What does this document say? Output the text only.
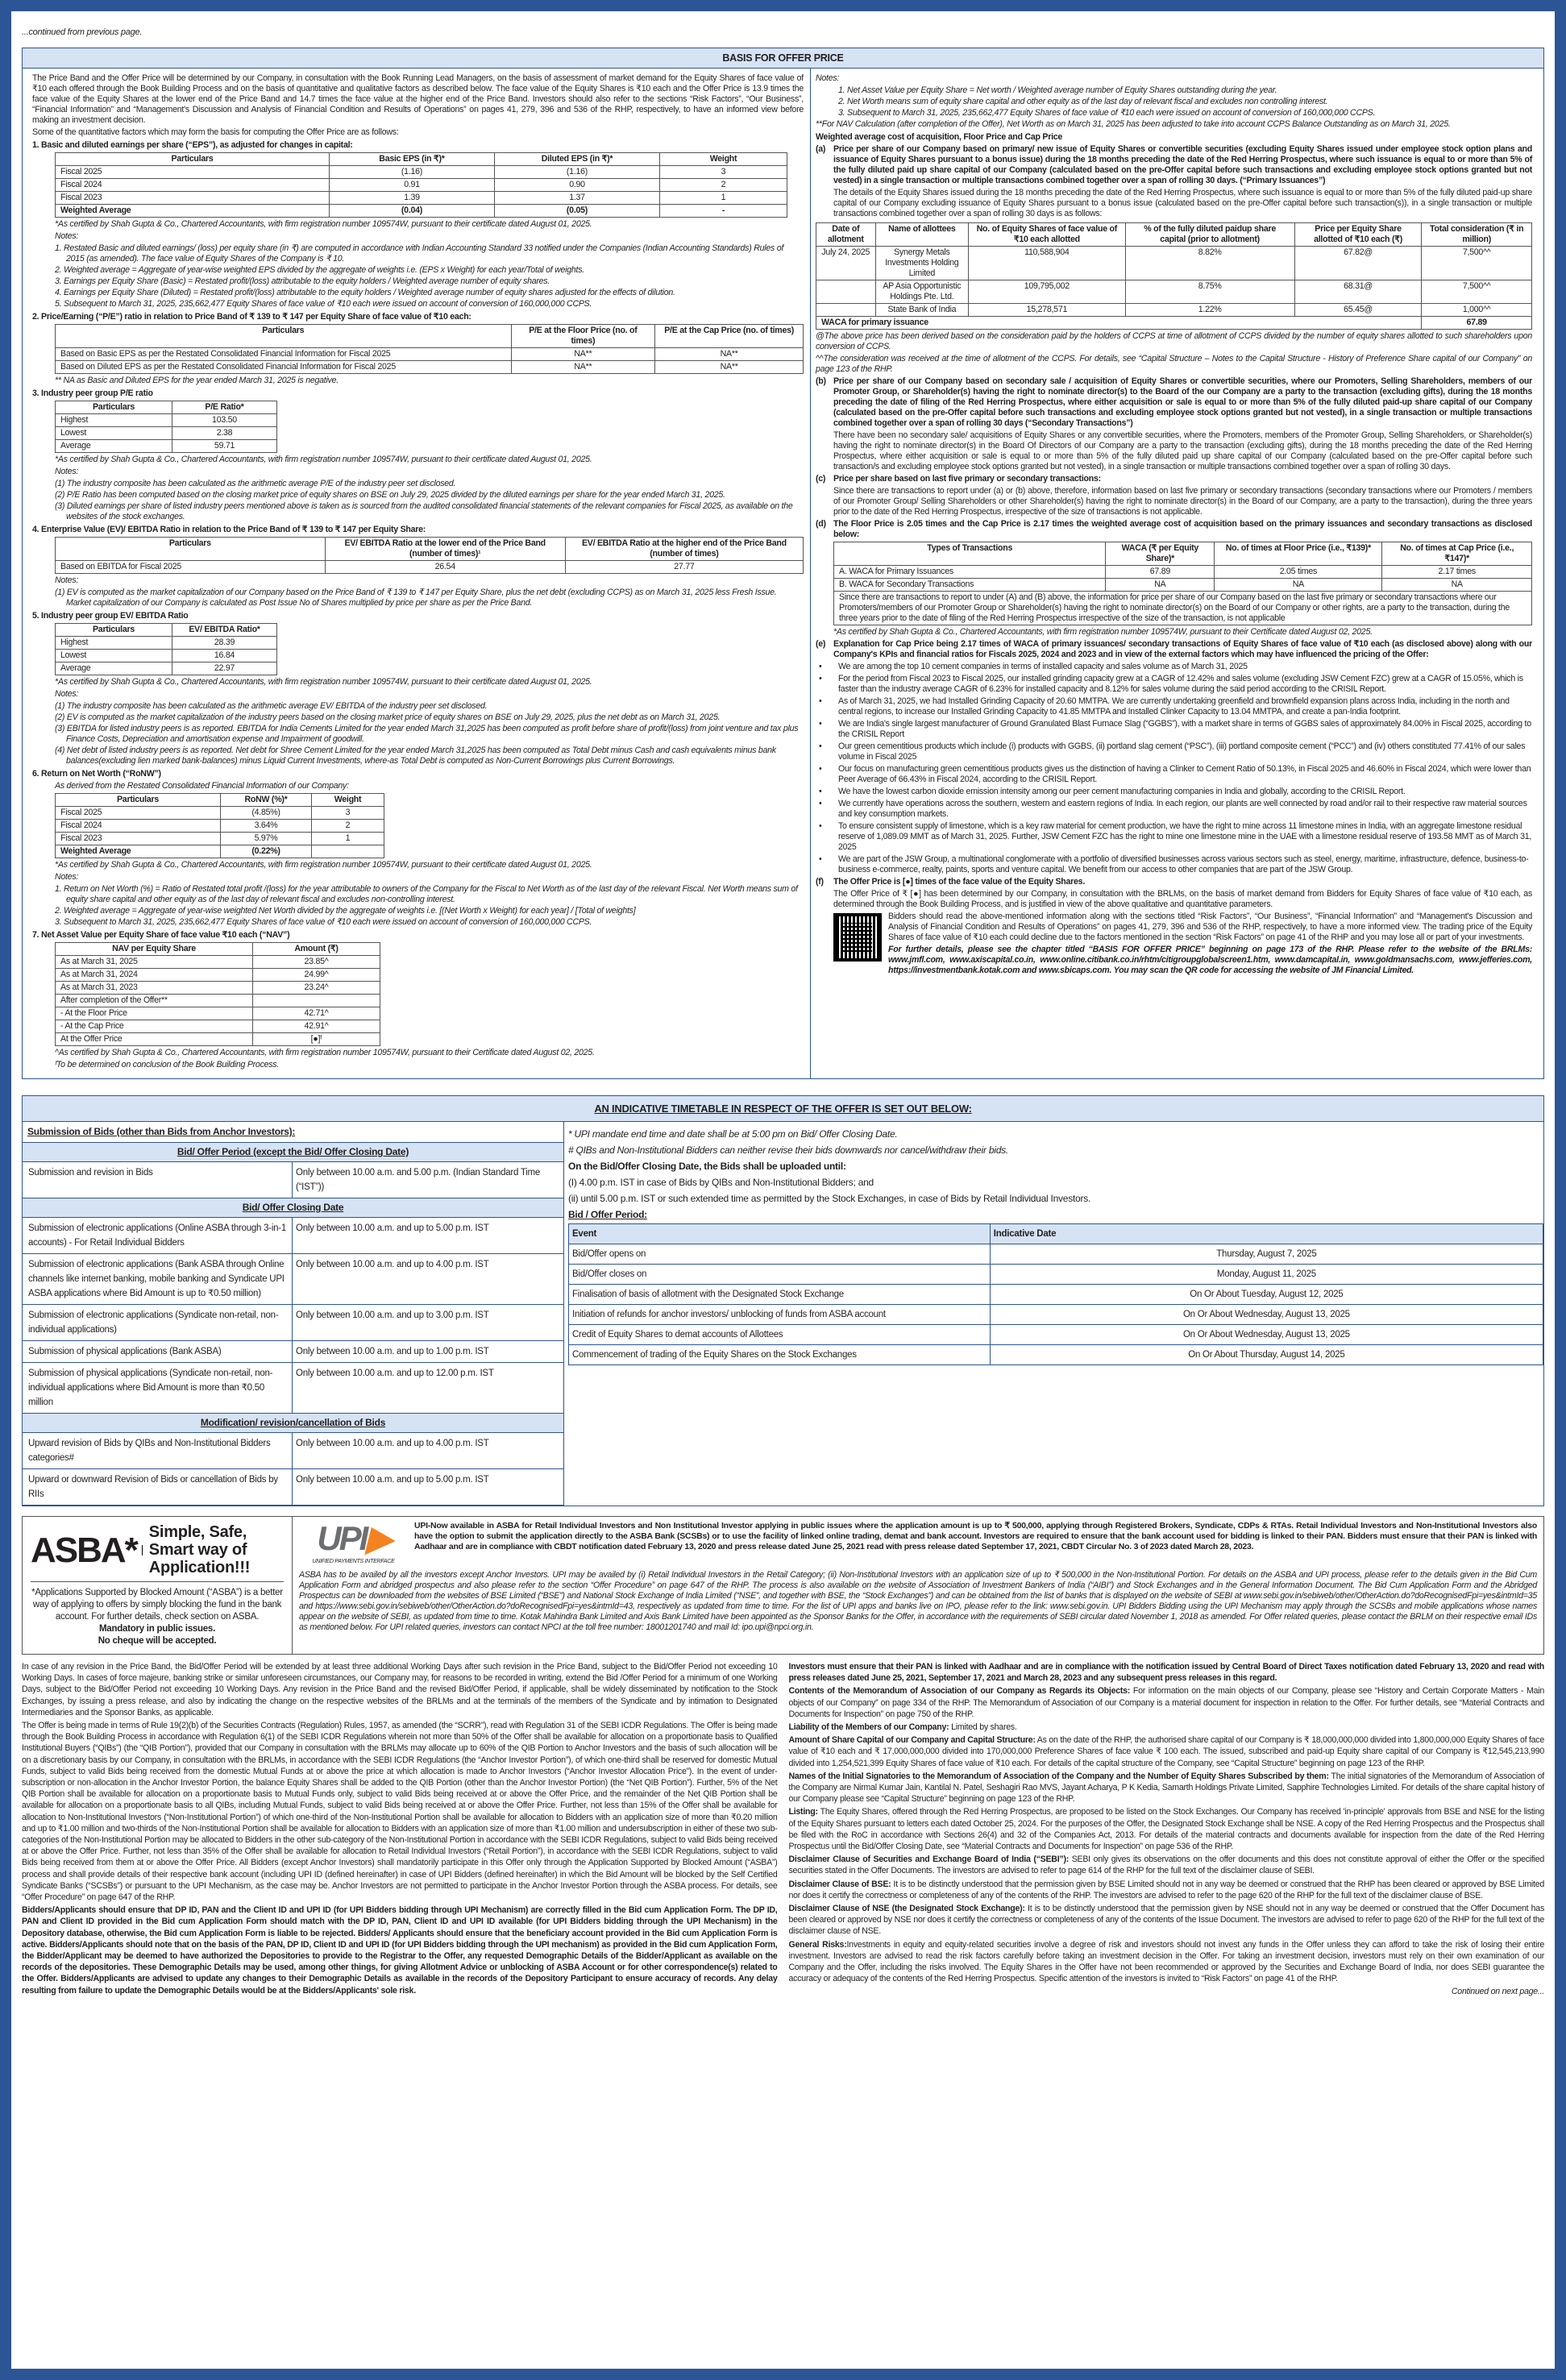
...continued from previous page.
BASIS FOR OFFER PRICE

The Price Band and the Offer Price will be determined by our Company, in consultation with the Book Running Lead Managers, on the basis of assessment of market demand for the Equity Shares of face value of ₹10 each offered through the Book Building Process and on the basis of quantitative and qualitative factors as described below. The face value of the Equity Shares is ₹10 each and the Offer Price is 13.9 times the face value of the Equity Shares at the lower end of the Price Band and 14.7 times the face value at the higher end of the Price Band. Investors should also refer to the sections “Risk Factors”, “Our Business”, “Financial Information” and “Management's Discussion and Analysis of Financial Condition and Results of Operations” on pages 41, 279, 396 and 536 of the RHP, respectively, to have an informed view before making an investment decision.

Some of the quantitative factors which may form the basis for computing the Offer Price are as follows:

1. Basic and diluted earnings per share (“EPS”), as adjusted for changes in capital:
Particulars	Basic EPS (in ₹)*	Diluted EPS (in ₹)*	Weight
Fiscal 2025	(1.16)	(1.16)	3
Fiscal 2024	0.91	0.90	2
Fiscal 2023	1.39	1.37	1
Weighted Average	(0.04)	(0.05)	-

*As certified by Shah Gupta & Co., Chartered Accountants, with firm registration number 109574W, pursuant to their certificate dated August 01, 2025.

Notes:

1. Restated Basic and diluted earnings/ (loss) per equity share (in ₹) are computed in accordance with Indian Accounting Standard 33 notified under the Companies (Indian Accounting Standards) Rules of 2015 (as amended). The face value of Equity Shares of the Company is ₹ 10.
2. Weighted average = Aggregate of year-wise weighted EPS divided by the aggregate of weights i.e. (EPS x Weight) for each year/Total of weights.
3. Earnings per Equity Share (Basic) = Restated profit/(loss) attributable to the equity holders / Weighted average number of equity shares.
4. Earnings per Equity Share (Diluted) = Restated profit/(loss) attributable to the equity holders / Weighted average number of equity shares adjusted for the effects of dilution.
5. Subsequent to March 31, 2025, 235,662,477 Equity Shares of face value of ₹10 each were issued on account of conversion of 160,000,000 CCPS.
2. Price/Earning (“P/E”) ratio in relation to Price Band of ₹ 139 to ₹ 147 per Equity Share of face value of ₹10 each:
Particulars	P/E at the Floor Price (no. of times)	P/E at the Cap Price (no. of times)
Based on Basic EPS as per the Restated Consolidated Financial Information for Fiscal 2025	NA**	NA**
Based on Diluted EPS as per the Restated Consolidated Financial Information for Fiscal 2025	NA**	NA**

** NA as Basic and Diluted EPS for the year ended March 31, 2025 is negative.

3. Industry peer group P/E ratio
Particulars	P/E Ratio*
Highest	103.50
Lowest	2.38
Average	59.71

*As certified by Shah Gupta & Co., Chartered Accountants, with firm registration number 109574W, pursuant to their certificate dated August 01, 2025.

Notes:

(1) The industry composite has been calculated as the arithmetic average P/E of the industry peer set disclosed.
(2) P/E Ratio has been computed based on the closing market price of equity shares on BSE on July 29, 2025 divided by the diluted earnings per share for the year ended March 31, 2025.
(3) Diluted earnings per share of listed industry peers mentioned above is taken as is sourced from the audited consolidated financial statements of the relevant companies for Fiscal 2025, as available on the websites of the stock exchanges.
4. Enterprise Value (EV)/ EBITDA Ratio in relation to the Price Band of ₹ 139 to ₹ 147 per Equity Share:
Particulars	EV/ EBITDA Ratio at the lower end of the Price Band (number of times)¹	EV/ EBITDA Ratio at the higher end of the Price Band (number of times)
Based on EBITDA for Fiscal 2025	26.54	27.77

Notes:

(1) EV is computed as the market capitalization of our Company based on the Price Band of ₹ 139 to ₹ 147 per Equity Share, plus the net debt (excluding CCPS) as on March 31, 2025 less Fresh Issue. Market capitalization of our Company is calculated as Post Issue No of Shares multiplied by price per share as per the Price Band.
5. Industry peer group EV/ EBITDA Ratio
Particulars	EV/ EBITDA Ratio*
Highest	28.39
Lowest	16.84
Average	22.97

*As certified by Shah Gupta & Co., Chartered Accountants, with firm registration number 109574W, pursuant to their certificate dated August 01, 2025.

Notes:

(1) The industry composite has been calculated as the arithmetic average EV/ EBITDA of the industry peer set disclosed.
(2) EV is computed as the market capitalization of the industry peers based on the closing market price of equity shares on BSE on July 29, 2025, plus the net debt as on March 31, 2025.
(3) EBITDA for listed industry peers is as reported. EBITDA for India Cements Limited for the year ended March 31,2025 has been computed as profit before share of profit/(loss) from joint venture and tax plus Finance Costs, Depreciation and amortisation expense and Impairment of goodwill.
(4) Net debt of listed industry peers is as reported. Net debt for Shree Cement Limited for the year ended March 31,2025 has been computed as Total Debt minus Cash and cash equivalents minus bank balances(excluding lien marked bank-balances) minus Liquid Current Investments, where-as Total Debt is computed as Non-Current Borrowings plus Current Borrowings.
6. Return on Net Worth (“RoNW”)

As derived from the Restated Consolidated Financial Information of our Company:

Particulars	RoNW (%)*	Weight
Fiscal 2025	(4.85%)	3
Fiscal 2024	3.64%	2
Fiscal 2023	5.97%	1
Weighted Average	(0.22%)	

*As certified by Shah Gupta & Co., Chartered Accountants, with firm registration number 109574W, pursuant to their certificate dated August 01, 2025.

Notes:

1. Return on Net Worth (%) = Ratio of Restated total profit /(loss) for the year attributable to owners of the Company for the Fiscal to Net Worth as of the last day of the relevant Fiscal. Net Worth means sum of equity share capital and other equity as of the last day of relevant fiscal and excludes non-controlling interest.
2. Weighted average = Aggregate of year-wise weighted Net Worth divided by the aggregate of weights i.e. [(Net Worth x Weight) for each year] / [Total of weights]
3. Subsequent to March 31, 2025, 235,662,477 Equity Shares of face value of ₹10 each were issued on account of conversion of 160,000,000 CCPS.
7. Net Asset Value per Equity Share of face value ₹10 each (“NAV”)
NAV per Equity Share	Amount (₹)
As at March 31, 2025	23.85^
As at March 31, 2024	24.99^
As at March 31, 2023	23.24^
After completion of the Offer**	
- At the Floor Price	42.71^
- At the Cap Price	42.91^
At the Offer Price	[●]ᶠ

^As certified by Shah Gupta & Co., Chartered Accountants, with firm registration number 109574W, pursuant to their Certificate dated August 02, 2025.

ᶠTo be determined on conclusion of the Book Building Process.

Notes:

1. Net Asset Value per Equity Share = Net worth / Weighted average number of Equity Shares outstanding during the year.
2. Net Worth means sum of equity share capital and other equity as of the last day of relevant fiscal and excludes non controlling interest.
3. Subsequent to March 31, 2025, 235,662,477 Equity Shares of face value of ₹10 each were issued on account of conversion of 160,000,000 CCPS.

**For NAV Calculation (after completion of the Offer), Net Worth as on March 31, 2025 has been adjusted to take into account CCPS Balance Outstanding as on March 31, 2025.

Weighted average cost of acquisition, Floor Price and Cap Price
(a) Price per share of our Company based on primary/ new issue of Equity Shares or convertible securities (excluding Equity Shares issued under employee stock option plans and issuance of Equity Shares pursuant to a bonus issue) during the 18 months preceding the date of the Red Herring Prospectus, where such issuance is equal to or more than 5% of the fully diluted paid up share capital of our Company (calculated based on the pre-Offer capital before such transactions and excluding employee stock options granted but not vested) in a single transaction or multiple transactions combined together over a span of rolling 30 days. (“Primary Issuances”)

The details of the Equity Shares issued during the 18 months preceding the date of the Red Herring Prospectus, where such issuance is equal to or more than 5% of the fully diluted paid-up share capital of our Company excluding issuance of Equity Shares pursuant to a bonus issue (calculated based on the pre-Offer capital before such transaction(s)), in a single transaction or multiple transactions combined together over a span of rolling 30 days is as follows:

Date of allotment	Name of allottees	No. of Equity Shares of face value of ₹10 each allotted	% of the fully diluted paidup share capital (prior to allotment)	Price per Equity Share allotted of ₹10 each (₹)	Total consideration (₹ in million)
July 24, 2025	Synergy Metals Investments Holding Limited	110,588,904	8.82%	67.82@	7,500^^
	AP Asia Opportunistic Holdings Pte. Ltd.	109,795,002	8.75%	68.31@	7,500^^
	State Bank of India	15,278,571	1.22%	65.45@	1,000^^
WACA for primary issuance					67.89

@The above price has been derived based on the consideration paid by the holders of CCPS at time of allotment of CCPS divided by the number of equity shares allotted to such shareholders upon conversion of CCPS.

^^The consideration was received at the time of allotment of the CCPS. For details, see “Capital Structure – Notes to the Capital Structure - History of Preference Share capital of our Company” on page 123 of the RHP.

(b) Price per share of our Company based on secondary sale / acquisition of Equity Shares or convertible securities, where our Promoters, Selling Shareholders, members of our Promoter Group, or Shareholder(s) having the right to nominate director(s) to the Board of the our Company are a party to the transaction (excluding gifts), during the 18 months preceding the date of filing of the Red Herring Prospectus, where either acquisition or sale is equal to or more than 5% of the fully diluted paid-up share capital of our Company (calculated based on the pre-Offer capital before such transactions and excluding employee stock options granted but not vested), in a single transaction or multiple transactions combined together over a span of rolling 30 days (“Secondary Transactions”)

There have been no secondary sale/ acquisitions of Equity Shares or any convertible securities, where the Promoters, members of the Promoter Group, Selling Shareholders, or Shareholder(s) having the right to nominate director(s) in the Board Of Directors of our Company are a party to the transaction (excluding gifts), during the 18 months preceding the date of the Red Herring Prospectus, where either acquisition or sale is equal to or more than 5% of the fully diluted paid up share capital of our Company (calculated based on the pre-Offer capital before such transaction/s and excluding employee stock options granted but not vested), in a single transaction or multiple transactions combined together over a span of rolling 30 days.

(c) Price per share based on last five primary or secondary transactions:

Since there are transactions to report under (a) or (b) above, therefore, information based on last five primary or secondary transactions (secondary transactions where our Promoters / members of our Promoter Group/ Selling Shareholders or other Shareholder(s) having the right to nominate director(s) in the Board of our Company, are a party to the transaction), during the three years prior to the date of the Red Herring Prospectus, irrespective of the size of transactions is not applicable.

(d) The Floor Price is 2.05 times and the Cap Price is 2.17 times the weighted average cost of acquisition based on the primary issuances and secondary transactions as disclosed below:

Types of Transactions	WACA (₹ per Equity Share)*	No. of times at Floor Price (i.e., ₹139)*	No. of times at Cap Price (i.e., ₹147)*
A. WACA for Primary Issuances	67.89	2.05 times	2.17 times
B. WACA for Secondary Transactions	NA	NA	NA
Since there are transactions to report to under (A) and (B) above, the information for price per share of our Company based on the last five primary or secondary transactions where our Promoters/members of our Promoter Group or Shareholder(s) having the right to nominate director(s) on the Board of our Company or other rights, are a party to the transaction, during the three years prior to the date of filing of the Red Herring Prospectus irrespective of the size of the transaction, is not applicable			

*As certified by Shah Gupta & Co., Chartered Accountants, with firm registration number 109574W, pursuant to their Certificate dated August 02, 2025.

(e) Explanation for Cap Price being 2.17 times of WACA of primary issuances/ secondary transactions of Equity Shares of face value of ₹10 each (as disclosed above) along with our Company's KPIs and financial ratios for Fiscals 2025, 2024 and 2023 and in view of the external factors which may have influenced the pricing of the Offer:

• We are among the top 10 cement companies in terms of installed capacity and sales volume as of March 31, 2025
• For the period from Fiscal 2023 to Fiscal 2025, our installed grinding capacity grew at a CAGR of 12.42% and sales volume (excluding JSW Cement FZC) grew at a CAGR of 15.05%, which is faster than the industry average CAGR of 6.23% for installed capacity and 8.12% for sales volume during the said period according to the CRISIL Report.
• As of March 31, 2025, we had Installed Grinding Capacity of 20.60 MMTPA. We are currently undertaking greenfield and brownfield expansion plans across India, including in the north and central regions, to increase our Installed Grinding Capacity to 41.85 MMTPA and Installed Clinker Capacity to 13.04 MMTPA, and create a pan-India footprint.
• We are India's single largest manufacturer of Ground Granulated Blast Furnace Slag (“GGBS”), with a market share in terms of GGBS sales of approximately 84.00% in Fiscal 2025, according to the CRISIL Report
• Our green cementitious products which include (i) products with GGBS, (ii) portland slag cement (“PSC”), (iii) portland composite cement (“PCC”) and (iv) others constituted 77.41% of our sales volume in Fiscal 2025
• Our focus on manufacturing green cementitious products gives us the distinction of having a Clinker to Cement Ratio of 50.13%, in Fiscal 2025 and 46.60% in Fiscal 2024, which were lower than Peer Average of 66.43% in Fiscal 2024, according to the CRISIL Report.
• We have the lowest carbon dioxide emission intensity among our peer cement manufacturing companies in India and globally, according to the CRISIL Report.
• We currently have operations across the southern, western and eastern regions of India. In each region, our plants are well connected by road and/or rail to their respective raw material sources and key consumption markets.
• To ensure consistent supply of limestone, which is a key raw material for cement production, we have the right to mine across 11 limestone mines in India, with an aggregate limestone residual reserve of 1,089.09 MMT as of March 31, 2025. Further, JSW Cement FZC has the right to mine one limestone mine in the UAE with a limestone residual reserve of 193.58 MMT as of March 31, 2025
• We are part of the JSW Group, a multinational conglomerate with a portfolio of diversified businesses across various sectors such as steel, energy, maritime, infrastructure, defence, business-to-business e-commerce, realty, paints, sports and venture capital. We benefit from our access to other companies that are part of the JSW Group.
(f)	The Offer Price is [●] times of the face value of the Equity Shares.

The Offer Price of ₹ [●] has been determined by our Company, in consultation with the BRLMs, on the basis of market demand from Bidders for Equity Shares of face value of ₹10 each, as determined through the Book Building Process, and is justified in view of the above qualitative and quantitative parameters.

Bidders should read the above-mentioned information along with the sections titled “Risk Factors”, “Our Business”, “Financial Information” and “Management's Discussion and Analysis of Financial Condition and Results of Operations” on pages 41, 279, 396 and 536 of the RHP, respectively, to have a more informed view. The trading price of the Equity Shares of face value of ₹10 each could decline due to the factors mentioned in the section “Risk Factors” on page 41 of the RHP and you may lose all or part of your investments.

For further details, please see the chapter titled “BASIS FOR OFFER PRICE” beginning on page 173 of the RHP. Please refer to the website of the BRLMs: www.jmfl.com, www.axiscapital.co.in, www.online.citibank.co.in/rhtm/citigroupglobalscreen1.htm, www.damcapital.in, www.goldmansachs.com, www.jefferies.com, https://investmentbank.kotak.com and www.sbicaps.com. You may scan the QR code for accessing the website of JM Financial Limited.

AN INDICATIVE TIMETABLE IN RESPECT OF THE OFFER IS SET OUT BELOW:
Submission of Bids (other than Bids from Anchor Investors):
Bid/ Offer Period (except the Bid/ Offer Closing Date)
Submission and revision in Bids	Only between 10.00 a.m. and 5.00 p.m. (Indian Standard Time (“IST”))
Bid/ Offer Closing Date
Submission of electronic applications (Online ASBA through 3-in-1 accounts) - For Retail Individual Bidders
Only between 10.00 a.m. and up to 5.00 p.m. IST
Submission of electronic applications (Bank ASBA through Online channels like internet banking, mobile banking and Syndicate UPI ASBA applications where Bid Amount is up to ₹0.50 million)
Only between 10.00 a.m. and up to 4.00 p.m. IST
Submission of electronic applications (Syndicate non-retail, non-individual applications)
Only between 10.00 a.m. and up to 3.00 p.m. IST
Submission of physical applications (Bank ASBA)	Only between 10.00 a.m. and up to 1.00 p.m. IST
Submission of physical applications (Syndicate non-retail, non-individual applications where Bid Amount is more than ₹0.50 million
Only between 10.00 a.m. and up to 12.00 p.m. IST
Modification/ revision/cancellation of Bids
Upward revision of Bids by QIBs and Non-Institutional Bidders categories#
Only between 10.00 a.m. and up to 4.00 p.m. IST
Upward or downward Revision of Bids or cancellation of Bids by RIIs
Only between 10.00 a.m. and up to 5.00 p.m. IST

* UPI mandate end time and date shall be at 5:00 pm on Bid/ Offer Closing Date.

# QIBs and Non-Institutional Bidders can neither revise their bids downwards nor cancel/withdraw their bids.

On the Bid/Offer Closing Date, the Bids shall be uploaded until:

(I) 4.00 p.m. IST in case of Bids by QIBs and Non-Institutional Bidders; and

(ii) until 5.00 p.m. IST or such extended time as permitted by the Stock Exchanges, in case of Bids by Retail Individual Investors.

Bid / Offer Period:

Event	Indicative Date
Bid/Offer opens on	Thursday, August 7, 2025
Bid/Offer closes on	Monday, August 11, 2025
Finalisation of basis of allotment with the Designated Stock Exchange	On Or About Tuesday, August 12, 2025
Initiation of refunds for anchor investors/ unblocking of funds from ASBA account	On Or About Wednesday, August 13, 2025
Credit of Equity Shares to demat accounts of Allottees	On Or About Wednesday, August 13, 2025
Commencement of trading of the Equity Shares on the Stock Exchanges	On Or About Thursday, August 14, 2025
ASBA* Simple, Safe, Smart way of Application!!!

*Applications Supported by Blocked Amount (“ASBA”) is a better way of applying to offers by simply blocking the fund in the bank account. For further details, check section on ASBA.

Mandatory in public issues.

No cheque will be accepted.

UPI▶
UNIFIED PAYMENTS INTERFACE

UPI-Now available in ASBA for Retail Individual Investors and Non Institutional Investor applying in public issues where the application amount is up to ₹ 500,000, applying through Registered Brokers, Syndicate, CDPs & RTAs. Retail Individual Investors and Non-Institutional Investors also have the option to submit the application directly to the ASBA Bank (SCSBs) or to use the facility of linked online trading, demat and bank account. Investors are required to ensure that the bank account used for bidding is linked to their PAN. Bidders must ensure that their PAN is linked with Aadhaar and are in compliance with CBDT notification dated February 13, 2020 and press release dated June 25, 2021 read with press release dated September 17, 2021, CBDT Circular No. 3 of 2023 dated March 28, 2023.

ASBA has to be availed by all the investors except Anchor Investors. UPI may be availed by (i) Retail Individual Investors in the Retail Category; (ii) Non-Institutional Investors with an application size of up to ₹ 500,000 in the Non-Institutional Portion. For details on the ASBA and UPI process, please refer to the details given in the Bid Cum Application Form and abridged prospectus and also please refer to the section “Offer Procedure” on page 647 of the RHP. The process is also available on the website of Association of Investment Bankers of India (“AIBI”) and Stock Exchanges and in the General Information Document. The Bid Cum Application Form and the Abridged Prospectus can be downloaded from the websites of BSE Limited (“BSE”) and National Stock Exchange of India Limited (“NSE”, and together with BSE, the “Stock Exchanges”) and can be obtained from the list of banks that is displayed on the website of SEBI at www.sebi.gov.in/sebiweb/other/OtherAction.do?doRecognisedFpi=yes&intmId=35 and https://www.sebi.gov.in/sebiweb/other/OtherAction.do?doRecognisedFpi=yes&intmId=43, respectively as updated from time to time. For the list of UPI apps and banks live on IPO, please refer to the link: www.sebi.gov.in. UPI Bidders Bidding using the UPI Mechanism may apply through the SCSBs and mobile applications whose names appear on the website of SEBI, as updated from time to time. Kotak Mahindra Bank Limited and Axis Bank Limited have been appointed as the Sponsor Banks for the Offer, in accordance with the requirements of SEBI circular dated November 1, 2018 as amended. For Offer related queries, please contact the BRLM on their respective email IDs as mentioned below. For UPI related queries, investors can contact NPCI at the toll free number: 18001201740 and mail Id: ipo.upi@npci.org.in.

In case of any revision in the Price Band, the Bid/Offer Period will be extended by at least three additional Working Days after such revision in the Price Band, subject to the Bid/Offer Period not exceeding 10 Working Days. In cases of force majeure, banking strike or similar unforeseen circumstances, our Company may, for reasons to be recorded in writing, extend the Bid /Offer Period for a minimum of one Working Days, subject to the Bid/Offer Period not exceeding 10 Working Days. Any revision in the Price Band and the revised Bid/Offer Period, if applicable, shall be widely disseminated by notification to the Stock Exchanges, by issuing a press release, and also by indicating the change on the respective websites of the BRLMs and at the terminals of the members of the Syndicate and by intimation to Designated Intermediaries and the Sponsor Banks, as applicable.

The Offer is being made in terms of Rule 19(2)(b) of the Securities Contracts (Regulation) Rules, 1957, as amended (the “SCRR”), read with Regulation 31 of the SEBI ICDR Regulations. The Offer is being made through the Book Building Process in accordance with Regulation 6(1) of the SEBI ICDR Regulations wherein not more than 50% of the Offer shall be available for allocation on a proportionate basis to Qualified Institutional Buyers (“QIBs”) (the “QIB Portion”), provided that our Company in consultation with the BRLMs may allocate up to 60% of the QIB Portion to Anchor Investors and the basis of such allocation will be on a discretionary basis by our Company, in consultation with the BRLMs, in accordance with the SEBI ICDR Regulations (the “Anchor Investor Portion”), of which one-third shall be reserved for domestic Mutual Funds, subject to valid Bids being received from the domestic Mutual Funds at or above the price at which allocation is made to Anchor Investors (“Anchor Investor Allocation Price”). In the event of under-subscription or non-allocation in the Anchor Investor Portion, the balance Equity Shares shall be added to the QIB Portion (other than the Anchor Investor Portion) (the “Net QIB Portion”). Further, 5% of the Net QIB Portion shall be available for allocation on a proportionate basis to Mutual Funds only, subject to valid Bids being received at or above the Offer Price, and the remainder of the Net QIB Portion shall be available for allocation on a proportionate basis to all QIBs, including Mutual Funds, subject to valid Bids being received at or above the Offer Price. Further, not less than 15% of the Offer shall be available for allocation to Non-Institutional Investors (“Non-Institutional Portion”) of which one-third of the Non-Institutional Portion shall be available for allocation to Bidders with an application size of more than ₹0.20 million and up to ₹1.00 million and two-thirds of the Non-Institutional Portion shall be available for allocation to Bidders with an application size of more than ₹1.00 million and undersubscription in either of these two sub-categories of the Non-Institutional Portion may be allocated to Bidders in the other sub-category of the Non-Institutional Portion in accordance with the SEBI ICDR Regulations, subject to valid Bids being received at or above the Offer Price. Further, not less than 35% of the Offer shall be available for allocation to Retail Individual Investors (“Retail Portion”), in accordance with the SEBI ICDR Regulations, subject to valid Bids being received from them at or above the Offer Price. All Bidders (except Anchor Investors) shall mandatorily participate in this Offer only through the Application Supported by Blocked Amount (“ASBA”) process and shall provide details of their respective bank account (including UPI ID (defined hereinafter) in case of UPI Bidders (defined hereinafter) in which the Bid Amount will be blocked by the Self Certified Syndicate Banks (“SCSBs”) or pursuant to the UPI Mechanism, as the case may be. Anchor Investors are not permitted to participate in the Anchor Investor Portion through the ASBA process. For details, see “Offer Procedure” on page 647 of the RHP.

Bidders/Applicants should ensure that DP ID, PAN and the Client ID and UPI ID (for UPI Bidders bidding through UPI Mechanism) are correctly filled in the Bid cum Application Form. The DP ID, PAN and Client ID provided in the Bid cum Application Form should match with the DP ID, PAN, Client ID and UPI ID available (for UPI Bidders bidding through the UPI Mechanism) in the Depository database, otherwise, the Bid cum Application Form is liable to be rejected. Bidders/ Applicants should ensure that the beneficiary account provided in the Bid cum Application Form is active. Bidders/Applicants should note that on the basis of the PAN, DP ID, Client ID and UPI ID (for UPI Bidders bidding through the UPI mechanism) as provided in the Bid cum Application Form, the Bidder/Applicant may be deemed to have authorized the Depositories to provide to the Registrar to the Offer, any requested Demographic Details of the Bidder/Applicant as available on the records of the depositories. These Demographic Details may be used, among other things, for giving Allotment Advice or unblocking of ASBA Account or for other correspondence(s) related to the Offer. Bidders/Applicants are advised to update any changes to their Demographic Details as available in the records of the Depository Participant to ensure accuracy of records. Any delay resulting from failure to update the Demographic Details would be at the Bidders/Applicants' sole risk.

Investors must ensure that their PAN is linked with Aadhaar and are in compliance with the notification issued by Central Board of Direct Taxes notification dated February 13, 2020 and read with press releases dated June 25, 2021, September 17, 2021 and March 28, 2023 and any subsequent press releases in this regard.

Contents of the Memorandum of Association of our Company as Regards its Objects: For information on the main objects of our Company, please see “History and Certain Corporate Matters - Main objects of our Company” on page 334 of the RHP. The Memorandum of Association of our Company is a material document for inspection in relation to the Offer. For further details, see “Material Contracts and Documents for Inspection” on page 750 of the RHP.

Liability of the Members of our Company: Limited by shares.

Amount of Share Capital of our Company and Capital Structure: As on the date of the RHP, the authorised share capital of our Company is ₹ 18,000,000,000 divided into 1,800,000,000 Equity Shares of face value of ₹10 each and ₹ 17,000,000,000 divided into 170,000,000 Preference Shares of face value ₹ 100 each. The issued, subscribed and paid-up Equity share capital of our Company is ₹12,545,213,990 divided into 1,254,521,399 Equity Shares of face value of ₹10 each. For details of the capital structure of the Company, see “Capital Structure” beginning on page 123 of the RHP.

Names of the Initial Signatories to the Memorandum of Association of the Company and the Number of Equity Shares Subscribed by them: The initial signatories of the Memorandum of Association of the Company are Nirmal Kumar Jain, Kantilal N. Patel, Seshagiri Rao MVS, Jayant Acharya, P K Kedia, Samarth Holdings Private Limited, Sapphire Technologies Limited. For details of the share capital history of our Company please see “Capital Structure” beginning on page 123 of the RHP.

Listing: The Equity Shares, offered through the Red Herring Prospectus, are proposed to be listed on the Stock Exchanges. Our Company has received 'in-principle' approvals from BSE and NSE for the listing of the Equity Shares pursuant to letters each dated October 25, 2024. For the purposes of the Offer, the Designated Stock Exchange shall be NSE. A copy of the Red Herring Prospectus and the Prospectus shall be filed with the RoC in accordance with Sections 26(4) and 32 of the Companies Act, 2013. For details of the material contracts and documents available for inspection from the date of the Red Herring Prospectus until the Bid/Offer Closing Date, see “Material Contracts and Documents for Inspection” on page 536 of the RHP.

Disclaimer Clause of Securities and Exchange Board of India (“SEBI”): SEBI only gives its observations on the offer documents and this does not constitute approval of either the Offer or the specified securities stated in the Offer Documents. The investors are advised to refer to page 614 of the RHP for the full text of the disclaimer clause of SEBI.

Disclaimer Clause of BSE: It is to be distinctly understood that the permission given by BSE Limited should not in any way be deemed or construed that the RHP has been cleared or approved by BSE Limited nor does it certify the correctness or completeness of any of the contents of the RHP. The investors are advised to refer to the page 620 of the RHP for the full text of the disclaimer clause of BSE.

Disclaimer Clause of NSE (the Designated Stock Exchange): It is to be distinctly understood that the permission given by NSE should not in any way be deemed or construed that the Offer Document has been cleared or approved by NSE nor does it certify the correctness or completeness of any of the contents of the Issue Document. The investors are advised to refer to page 620 of the RHP for the full text of the disclaimer clause of NSE.

General Risks:Investments in equity and equity-related securities involve a degree of risk and investors should not invest any funds in the Offer unless they can afford to take the risk of losing their entire investment. Investors are advised to read the risk factors carefully before taking an investment decision in the Offer. For taking an investment decision, investors must rely on their own examination of our Company and the Offer, including the risks involved. The Equity Shares in the Offer have not been recommended or approved by the Securities and Exchange Board of India, nor does SEBI guarantee the accuracy or adequacy of the contents of the Red Herring Prospectus. Specific attention of the investors is invited to “Risk Factors” on page 41 of the RHP.

Continued on next page...
